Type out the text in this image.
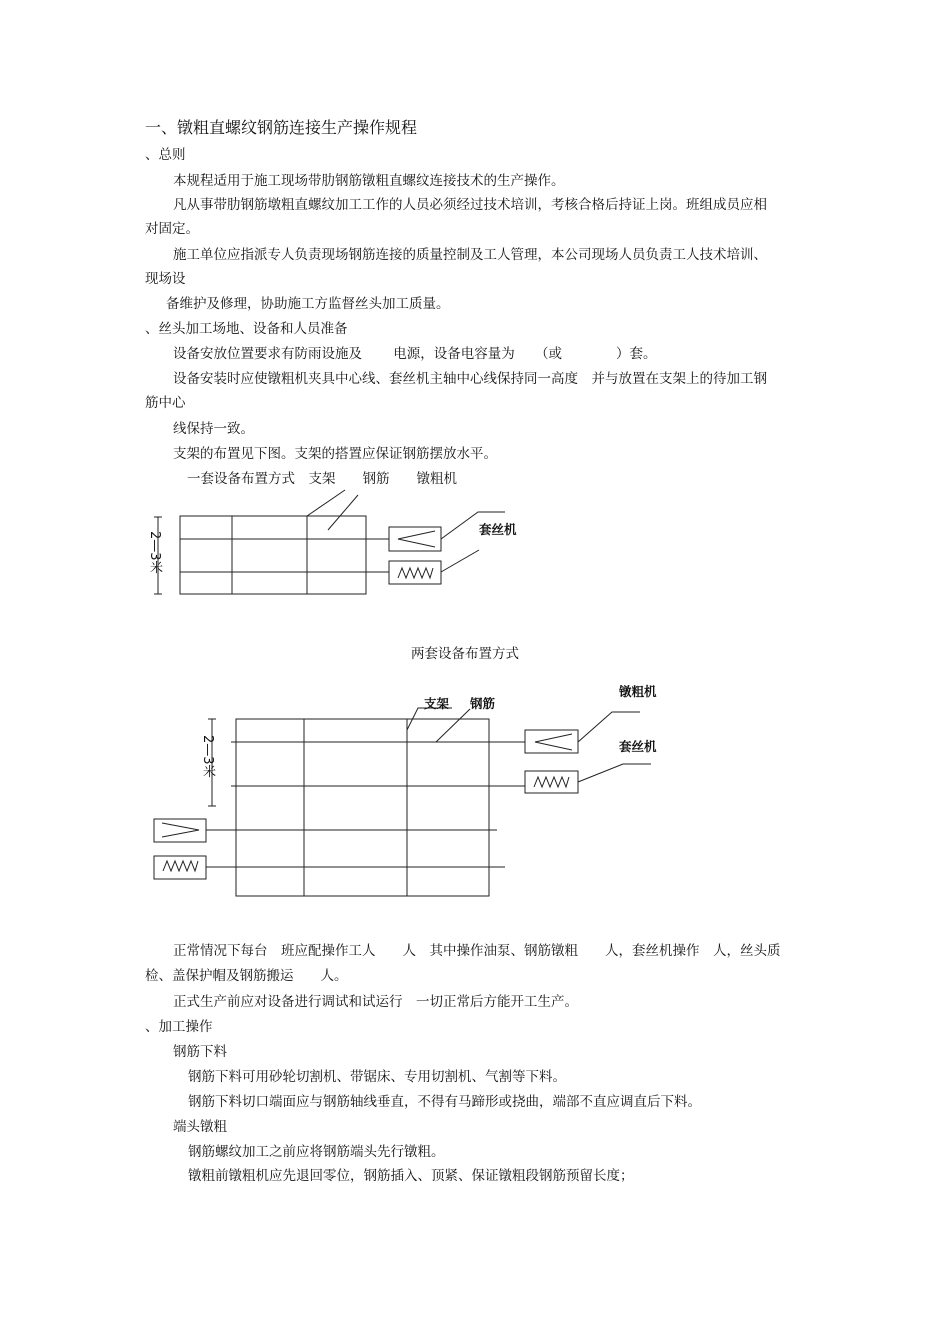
一、镦粗直螺纹钢筋连接生产操作规程
、总则
本规程适用于施工现场带肋钢筋镦粗直螺纹连接技术的生产操作。
凡从事带肋钢筋墩粗直螺纹加工工作的人员必须经过技术培训，考核合格后持证上岗。班组成员应相
对固定。
施工单位应指派专人负责现场钢筋连接的质量控制及工人管理，本公司现场人员负责工人技术培训、
现场设
备维护及修理，协助施工方监督丝头加工质量。
、丝头加工场地、设备和人员准备
设备安放位置要求有防雨设施及　　 电源，设备电容量为　　（或　　　　）套。
设备安装时应使镦粗机夹具中心线、套丝机主轴中心线保持同一高度　并与放置在支架上的待加工钢
筋中心
线保持一致。
支架的布置见下图。支架的搭置应保证钢筋摆放水平。
一套设备布置方式　支架　　钢筋　　镦粗机
套丝机
2—3米
两套设备布置方式
支架 钢筋
镦粗机
套丝机
2—3米
正常情况下每台　班应配操作工人　　人　其中操作油泵、钢筋镦粗　　人，套丝机操作　人，丝头质
检、盖保护帽及钢筋搬运　　人。
正式生产前应对设备进行调试和试运行　一切正常后方能开工生产。
、加工操作
钢筋下料
钢筋下料可用砂轮切割机、带锯床、专用切割机、气割等下料。
钢筋下料切口端面应与钢筋轴线垂直，不得有马蹄形或挠曲，端部不直应调直后下料。
端头镦粗
钢筋螺纹加工之前应将钢筋端头先行镦粗。
镦粗前镦粗机应先退回零位，钢筋插入、顶紧、保证镦粗段钢筋预留长度；
